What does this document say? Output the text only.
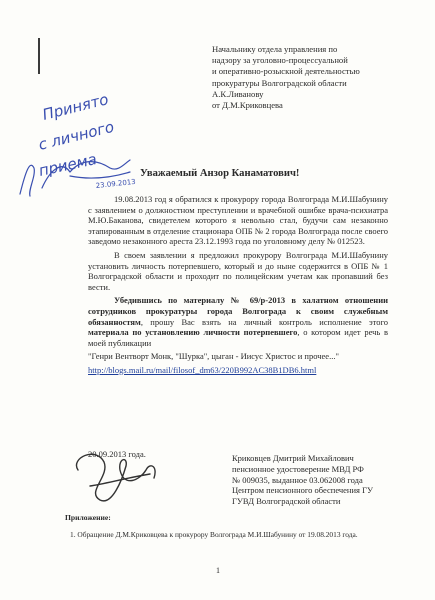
Начальнику отдела управления по
надзору за уголовно-процессуальной
и оперативно-розыскной деятельностью
прокуратуры Волгоградской области
А.К.Ливанову
от Д.М.Криковцева
Принято
с личного
приема
23.09.2013
Уважаемый Анзор Канаматович!

19.08.2013 год я обратился к прокурору города Волгограда М.И.Шабунину с заявлением о должностном преступлении и врачебной ошибке врача-психиатра М.Ю.Баканова, свидетелем которого я невольно стал, будучи сам незаконно этапированным в отделение стационара ОПБ № 2 города Волгограда после своего заведомо незаконного ареста 23.12.1993 года по уголовному делу № 012523.

В своем заявлении я предложил прокурору Волгограда М.И.Шабунину установить личность потерпевшего, который и до ныне содержится в ОПБ № 1 Волгоградской области и проходит по полицейским учетам как пропавший без вести.

Убедившись по материалу № 69/р-2013 в халатном отношении сотрудников прокуратуры города Волгограда к своим служебным обязанностям, прошу Вас взять на личный контроль исполнение этого материала по установлению личности потерпевшего, о котором идет речь в моей публикации

"Генри Вентворт Монк, "Шурка", цыган - Иисус Христос и прочее..."

http://blogs.mail.ru/mail/filosof_dm63/220B992AC38B1DB6.html

20.09.2013 года.	Криковцев Дмитрий Михайлович
пенсионное удостоверение МВД РФ
№ 009035, выданное 03.062008 года
Центром пенсионного обеспечения ГУ
ГУВД Волгоградской области
Приложение:
1. Обращение Д.М.Криковцева к прокурору Волгограда М.И.Шабунину от 19.08.2013 года.
1
